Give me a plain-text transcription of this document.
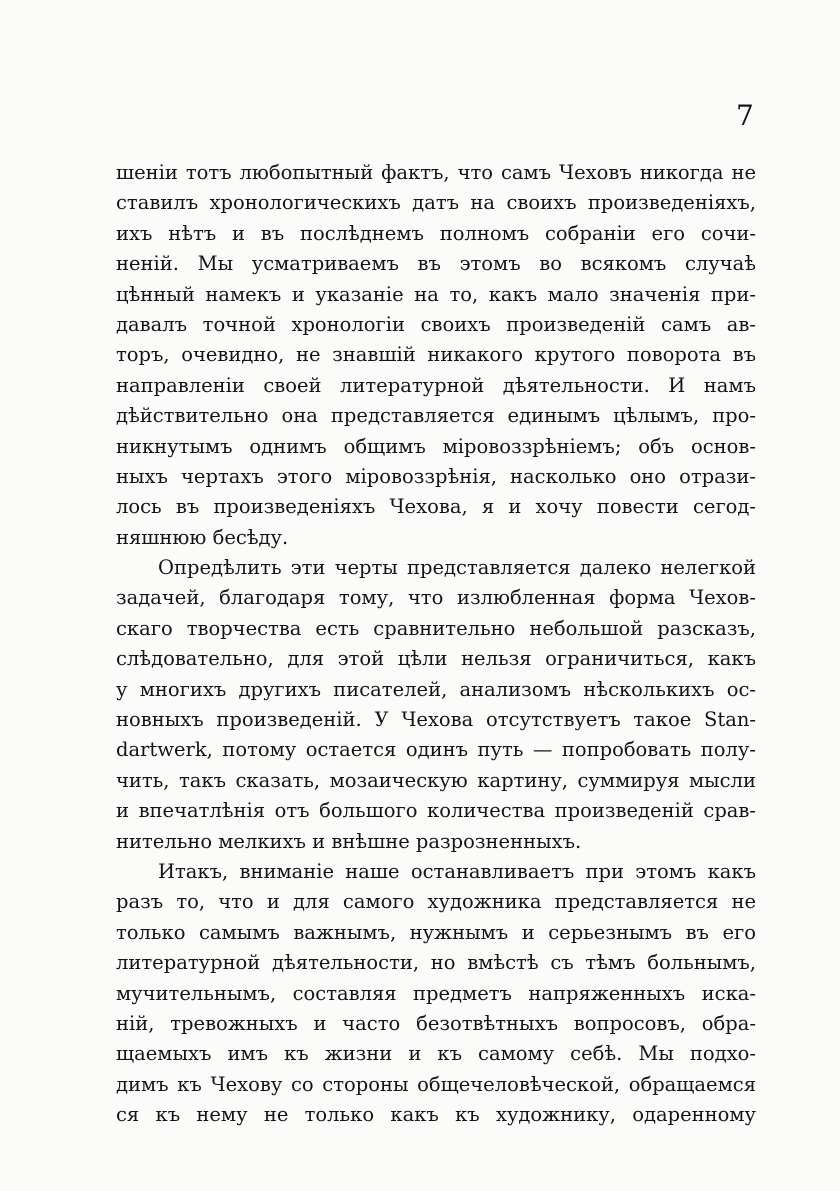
7
шеніи тотъ любопытный фактъ, что самъ Чеховъ никогда не
ставилъ хронологическихъ датъ на своихъ произведеніяхъ,
ихъ нѣтъ и въ послѣднемъ полномъ собраніи его сочи-
неній. Мы усматриваемъ въ этомъ во всякомъ случаѣ
цѣнный намекъ и указаніе на то, какъ мало значенія при-
давалъ точной хронологіи своихъ произведеній самъ ав-
торъ, очевидно, не знавшій никакого крутого поворота въ
направленіи своей литературной дѣятельности. И намъ
дѣйствительно она представляется единымъ цѣлымъ, про-
никнутымъ однимъ общимъ міровоззрѣніемъ; объ основ-
ныхъ чертахъ этого міровоззрѣнія, насколько оно отрази-
лось въ произведеніяхъ Чехова, я и хочу повести сегод-
няшнюю бесѣду.
Опредѣлить эти черты представляется далеко нелегкой
задачей, благодаря тому, что излюбленная форма Чехов-
скаго творчества есть сравнительно небольшой разсказъ,
слѣдовательно, для этой цѣли нельзя ограничиться, какъ
у многихъ другихъ писателей, анализомъ нѣсколькихъ ос-
новныхъ произведеній. У Чехова отсутствуетъ такое Stan-
dartwerk, потому остается одинъ путь — попробовать полу-
чить, такъ сказать, мозаическую картину, суммируя мысли
и впечатлѣнія отъ большого количества произведеній срав-
нительно мелкихъ и внѣшне разрозненныхъ.
Итакъ, вниманіе наше останавливаетъ при этомъ какъ
разъ то, что и для самого художника представляется не
только самымъ важнымъ, нужнымъ и серьезнымъ въ его
литературной дѣятельности, но вмѣстѣ съ тѣмъ больнымъ,
мучительнымъ, составляя предметъ напряженныхъ иска-
ній, тревожныхъ и часто безотвѣтныхъ вопросовъ, обра-
щаемыхъ имъ къ жизни и къ самому себѣ. Мы подхо-
димъ къ Чехову со стороны общечеловѣческой, обращаемся
ся къ нему не только какъ къ художнику, одаренному
